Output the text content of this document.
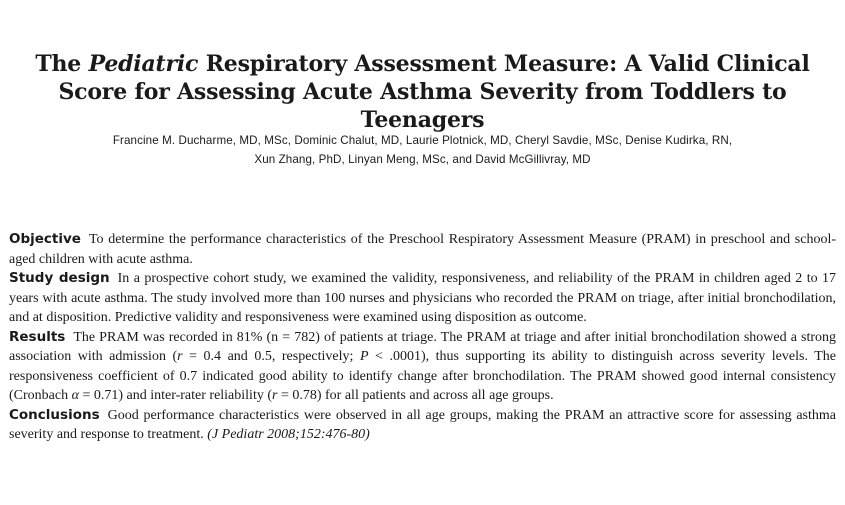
The Pediatric Respiratory Assessment Measure: A Valid Clinical Score for Assessing Acute Asthma Severity from Toddlers to Teenagers
Francine M. Ducharme, MD, MSc, Dominic Chalut, MD, Laurie Plotnick, MD, Cheryl Savdie, MSc, Denise Kudirka, RN,
Xun Zhang, PhD, Linyan Meng, MSc, and David McGillivray, MD

Objective To determine the performance characteristics of the Preschool Respiratory Assessment Measure (PRAM) in preschool and school-aged children with acute asthma.

Study design In a prospective cohort study, we examined the validity, responsiveness, and reliability of the PRAM in children aged 2 to 17 years with acute asthma. The study involved more than 100 nurses and physicians who recorded the PRAM on triage, after initial bronchodilation, and at disposition. Predictive validity and responsiveness were examined using disposition as outcome.

Results The PRAM was recorded in 81% (n = 782) of patients at triage. The PRAM at triage and after initial bronchodilation showed a strong association with admission (r = 0.4 and 0.5, respectively; P < .0001), thus supporting its ability to distinguish across severity levels. The responsiveness coefficient of 0.7 indicated good ability to identify change after bronchodilation. The PRAM showed good internal consistency (Cronbach α = 0.71) and inter-rater reliability (r = 0.78) for all patients and across all age groups.

Conclusions Good performance characteristics were observed in all age groups, making the PRAM an attractive score for assessing asthma severity and response to treatment. (J Pediatr 2008;152:476-80)
